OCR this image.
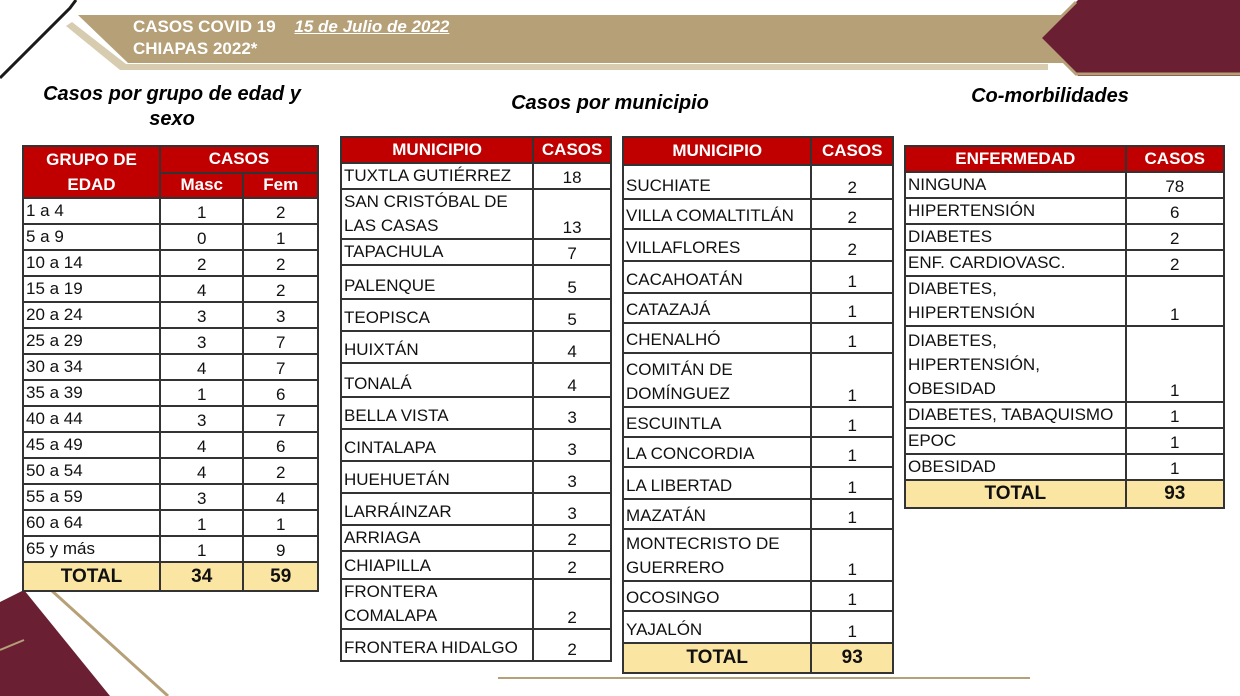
CASOS COVID 19 15 de Julio de 2022
CHIAPAS 2022*
Casos por grupo de edad y
sexo
Casos por municipio	Co-morbilidades
GRUPO DE EDAD	CASOS	
	Masc	Fem
1 a 4	1	2
5 a 9	0	1
10 a 14	2	2
15 a 19	4	2
20 a 24	3	3
25 a 29	3	7
30 a 34	4	7
35 a 39	1	6
40 a 44	3	7
45 a 49	4	6
50 a 54	4	2
55 a 59	3	4
60 a 64	1	1
65 y más	1	9
TOTAL	34	59
MUNICIPIO	CASOS
TUXTLA GUTIÉRREZ	18
SAN CRISTÓBAL DE LAS CASAS	13
TAPACHULA	7
PALENQUE	5
TEOPISCA	5
HUIXTÁN	4
TONALÁ	4
BELLA VISTA	3
CINTALAPA	3
HUEHUETÁN	3
LARRÁINZAR	3
ARRIAGA	2
CHIAPILLA	2
FRONTERA COMALAPA	2
FRONTERA HIDALGO	2
MUNICIPIO	CASOS
SUCHIATE	2
VILLA COMALTITLÁN	2
VILLAFLORES	2
CACAHOATÁN	1
CATAZAJÁ	1
CHENALHÓ	1
COMITÁN DE DOMÍNGUEZ	1
ESCUINTLA	1
LA CONCORDIA	1
LA LIBERTAD	1
MAZATÁN	1
MONTECRISTO DE GUERRERO	1
OCOSINGO	1
YAJALÓN	1
TOTAL	93
ENFERMEDAD	CASOS
NINGUNA	78
HIPERTENSIÓN	6
DIABETES	2
ENF. CARDIOVASC.	2
DIABETES, HIPERTENSIÓN	1
DIABETES, HIPERTENSIÓN, OBESIDAD	1
DIABETES, TABAQUISMO	1
EPOC	1
OBESIDAD	1
TOTAL	93
